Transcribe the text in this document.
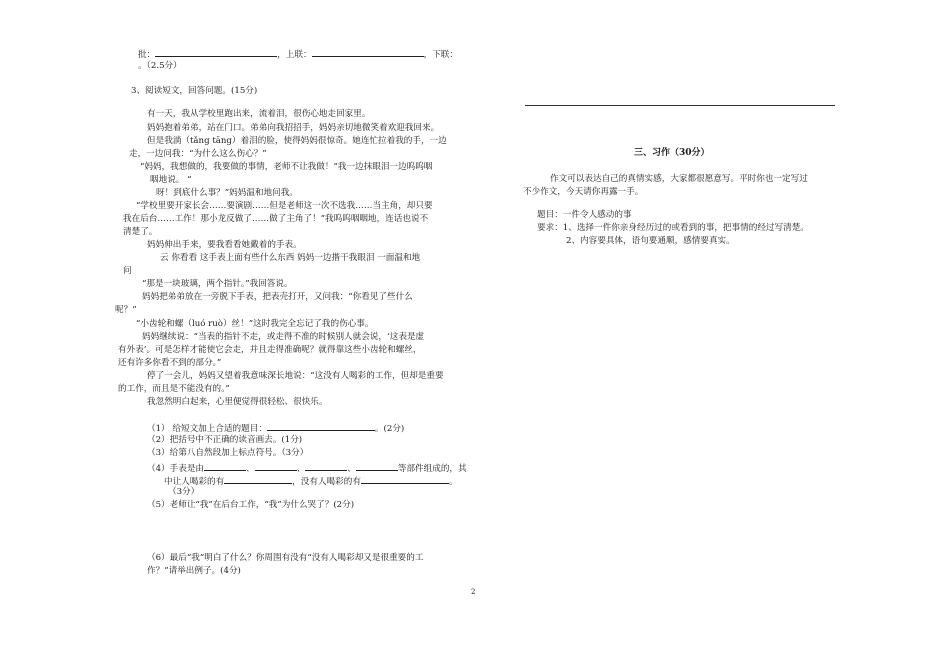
批：	，上联：	，下联：
。（2.5分）
3、阅读短文，回答问题。(15分)
有一天，我从学校里跑出来，流着泪，很伤心地走回家里。
妈妈抱着弟弟，站在门口。弟弟向我招招手，妈妈亲切地微笑着欢迎我回来。
但是我淌（tǎng tāng）着泪的脸，使得妈妈很惊奇。她连忙拉着我的手，一边
走，一边问我：“为什么这么伤心？”
“妈妈，我想做的，我要做的事情，老师不让我做！”我一边抹眼泪一边呜呜咽
咽地说。 “
呀！到底什么事？”妈妈温和地问我。
“学校里要开家长会……要演剧……但是老师这一次不选我……当主角，却只要
我在后台……工作！那小龙反做了……做了主角了！”我呜呜咽咽地，连话也说不
清楚了。
妈妈伸出手来，要我看看她戴着的手表。
云 你看看 这手表上面有些什么东西 妈妈一边揩干我眼泪 一面温和地
问
“那是一块玻璃，两个指针。”我回答说。
妈妈把弟弟放在一旁脱下手表，把表壳打开，又问我：“你看见了些什么
呢？”
“小齿轮和螺（luó ruò）丝！”这时我完全忘记了我的伤心事。
妈妈继续说：“当表的指针不走，或走得不准的时候别人就会说，‘这表是虚
有外表’。可是怎样才能使它会走，并且走得准确呢？就得靠这些小齿轮和螺丝，
还有许多你看不到的部分。”
停了一会儿，妈妈又望着我意味深长地说：“这没有人喝彩的工作，但却是重要
的工作，而且是不能没有的。”
我忽然明白起来，心里便觉得很轻松、很快乐。
（1） 给短文加上合适的题目：	。(2分)
（2）把括号中不正确的读音画去。(1分)
（3）给第八自然段加上标点符号。（3分）
（4）手表是由	、	、	、	等部件组成的，其
中让人喝彩的有	，没有人喝彩的有	。
（3分）
（5）老师让“我”在后台工作，“我”为什么哭了？(2分)
（6）最后“我”明白了什么？你周围有没有“没有人喝彩却又是很重要的工
作？”请举出例子。(4分)
2
三、习作（30分）
作文可以表达自己的真情实感，大家都很愿意写。平时你也一定写过
不少作文，今天请你再露一手。
题目：一件令人感动的事
要求：1、选择一件你亲身经历过的或看到的事，把事情的经过写清楚。
2、内容要具体，语句要通顺，感情要真实。
